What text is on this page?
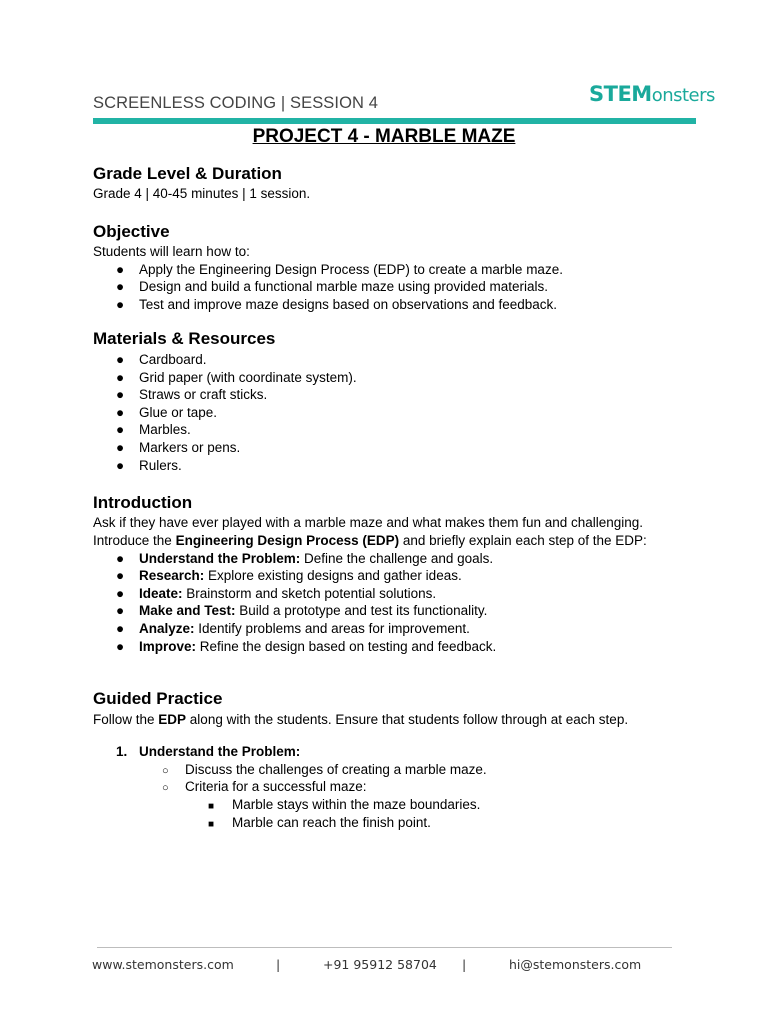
SCREENLESS CODING | SESSION 4	STEMonsters
PROJECT 4 - MARBLE MAZE
Grade Level & Duration
Grade 4 | 40-45 minutes | 1 session.
Objective
Students will learn how to:
● Apply the Engineering Design Process (EDP) to create a marble maze.
● Design and build a functional marble maze using provided materials.
● Test and improve maze designs based on observations and feedback.
Materials & Resources
● Cardboard.
● Grid paper (with coordinate system).
● Straws or craft sticks.
● Glue or tape.
● Marbles.
● Markers or pens.
● Rulers.
Introduction
Ask if they have ever played with a marble maze and what makes them fun and challenging.
Introduce the Engineering Design Process (EDP) and briefly explain each step of the EDP:
● Understand the Problem: Define the challenge and goals.
● Research: Explore existing designs and gather ideas.
● Ideate: Brainstorm and sketch potential solutions.
● Make and Test: Build a prototype and test its functionality.
● Analyze: Identify problems and areas for improvement.
● Improve: Refine the design based on testing and feedback.
Guided Practice
Follow the EDP along with the students. Ensure that students follow through at each step.
1. Understand the Problem:
○ Discuss the challenges of creating a marble maze.
○ Criteria for a successful maze:
■ Marble stays within the maze boundaries.
■ Marble can reach the finish point.
www.stemonsters.com	|	+91 95912 58704 |	hi@stemonsters.com
